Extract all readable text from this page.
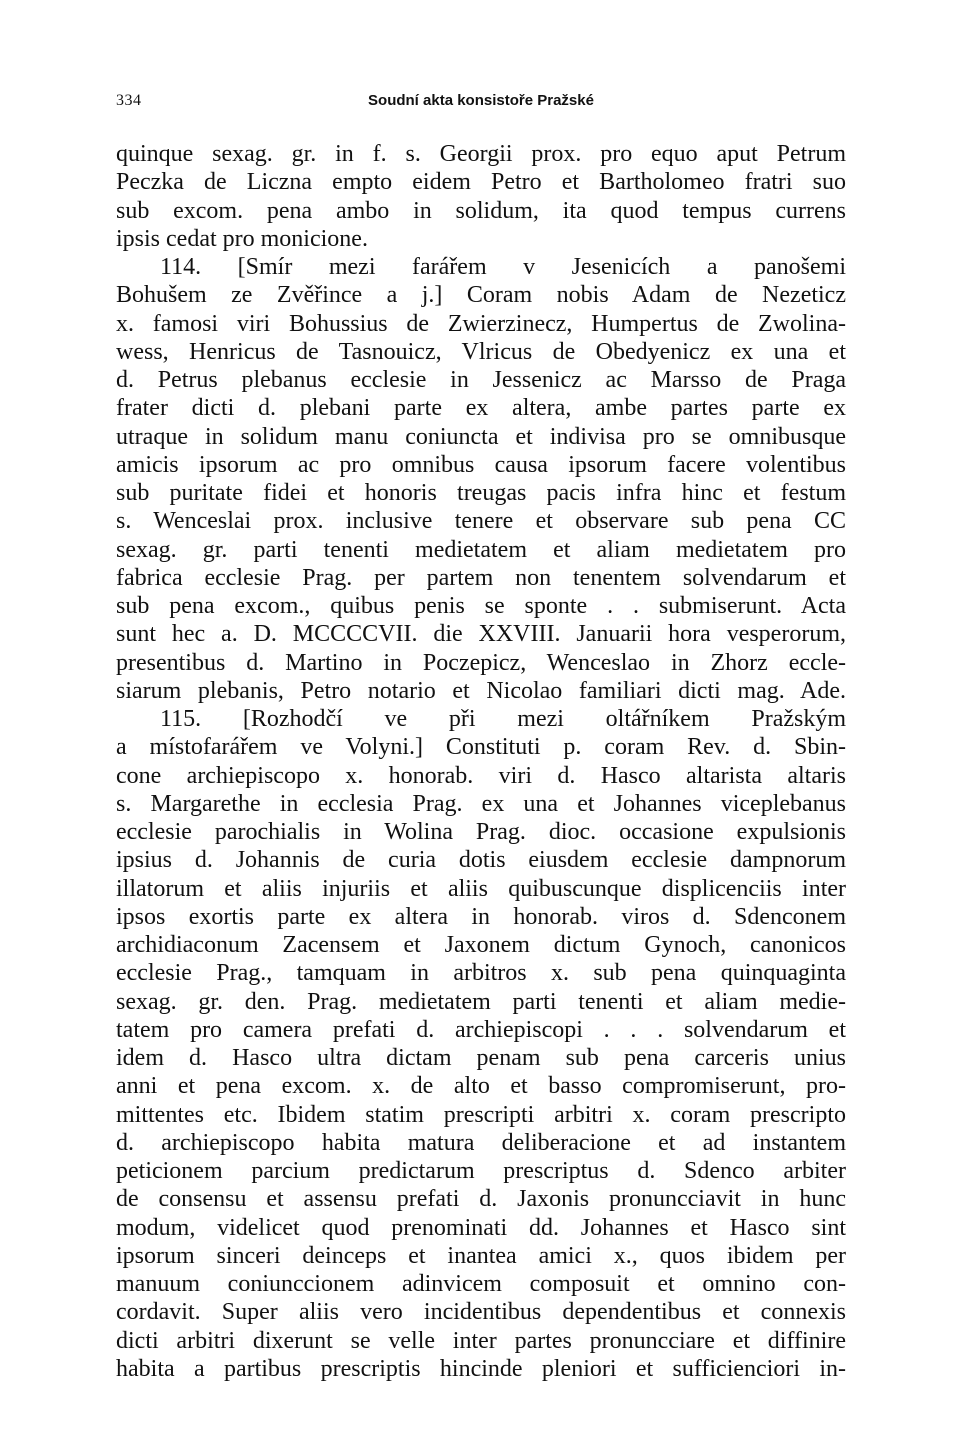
334	Soudní akta konsistoře Pražské
quinque sexag. gr. in f. s. Georgii prox. pro equo aput Petrum
Peczka de Liczna empto eidem Petro et Bartholomeo fratri suo
sub excom. pena ambo in solidum, ita quod tempus currens
ipsis cedat pro monicione.
114. [Smír mezi farářem v Jesenicích a panošemi
Bohušem ze Zvěřince a j.] Coram nobis Adam de Nezeticz
x. famosi viri Bohussius de Zwierzinecz, Humpertus de Zwolina-
wess, Henricus de Tasnouicz, Vlricus de Obedyenicz ex una et
d. Petrus plebanus ecclesie in Jessenicz ac Marsso de Praga
frater dicti d. plebani parte ex altera, ambe partes parte ex
utraque in solidum manu coniuncta et indivisa pro se omnibusque
amicis ipsorum ac pro omnibus causa ipsorum facere volentibus
sub puritate fidei et honoris treugas pacis infra hinc et festum
s. Wenceslai prox. inclusive tenere et observare sub pena CC
sexag. gr. parti tenenti medietatem et aliam medietatem pro
fabrica ecclesie Prag. per partem non tenentem solvendarum et
sub pena excom., quibus penis se sponte . . submiserunt. Acta
sunt hec a. D. MCCCCVII. die XXVIII. Januarii hora vesperorum,
presentibus d. Martino in Poczepicz, Wenceslao in Zhorz eccle-
siarum plebanis, Petro notario et Nicolao familiari dicti mag. Ade.
115. [Rozhodčí ve při mezi oltářníkem Pražským
a místofarářem ve Volyni.] Constituti p. coram Rev. d. Sbin-
cone archiepiscopo x. honorab. viri d. Hasco altarista altaris
s. Margarethe in ecclesia Prag. ex una et Johannes viceplebanus
ecclesie parochialis in Wolina Prag. dioc. occasione expulsionis
ipsius d. Johannis de curia dotis eiusdem ecclesie dampnorum
illatorum et aliis injuriis et aliis quibuscunque displicenciis inter
ipsos exortis parte ex altera in honorab. viros d. Sdenconem
archidiaconum Zacensem et Jaxonem dictum Gynoch, canonicos
ecclesie Prag., tamquam in arbitros x. sub pena quinquaginta
sexag. gr. den. Prag. medietatem parti tenenti et aliam medie-
tatem pro camera prefati d. archiepiscopi . . . solvendarum et
idem d. Hasco ultra dictam penam sub pena carceris unius
anni et pena excom. x. de alto et basso compromiserunt, pro-
mittentes etc. Ibidem statim prescripti arbitri x. coram prescripto
d. archiepiscopo habita matura deliberacione et ad instantem
peticionem parcium predictarum prescriptus d. Sdenco arbiter
de consensu et assensu prefati d. Jaxonis pronuncciavit in hunc
modum, videlicet quod prenominati dd. Johannes et Hasco sint
ipsorum sinceri deinceps et inantea amici x., quos ibidem per
manuum coniunccionem adinvicem composuit et omnino con-
cordavit. Super aliis vero incidentibus dependentibus et connexis
dicti arbitri dixerunt se velle inter partes pronuncciare et diffinire
habita a partibus prescriptis hincinde pleniori et sufficienciori in-
